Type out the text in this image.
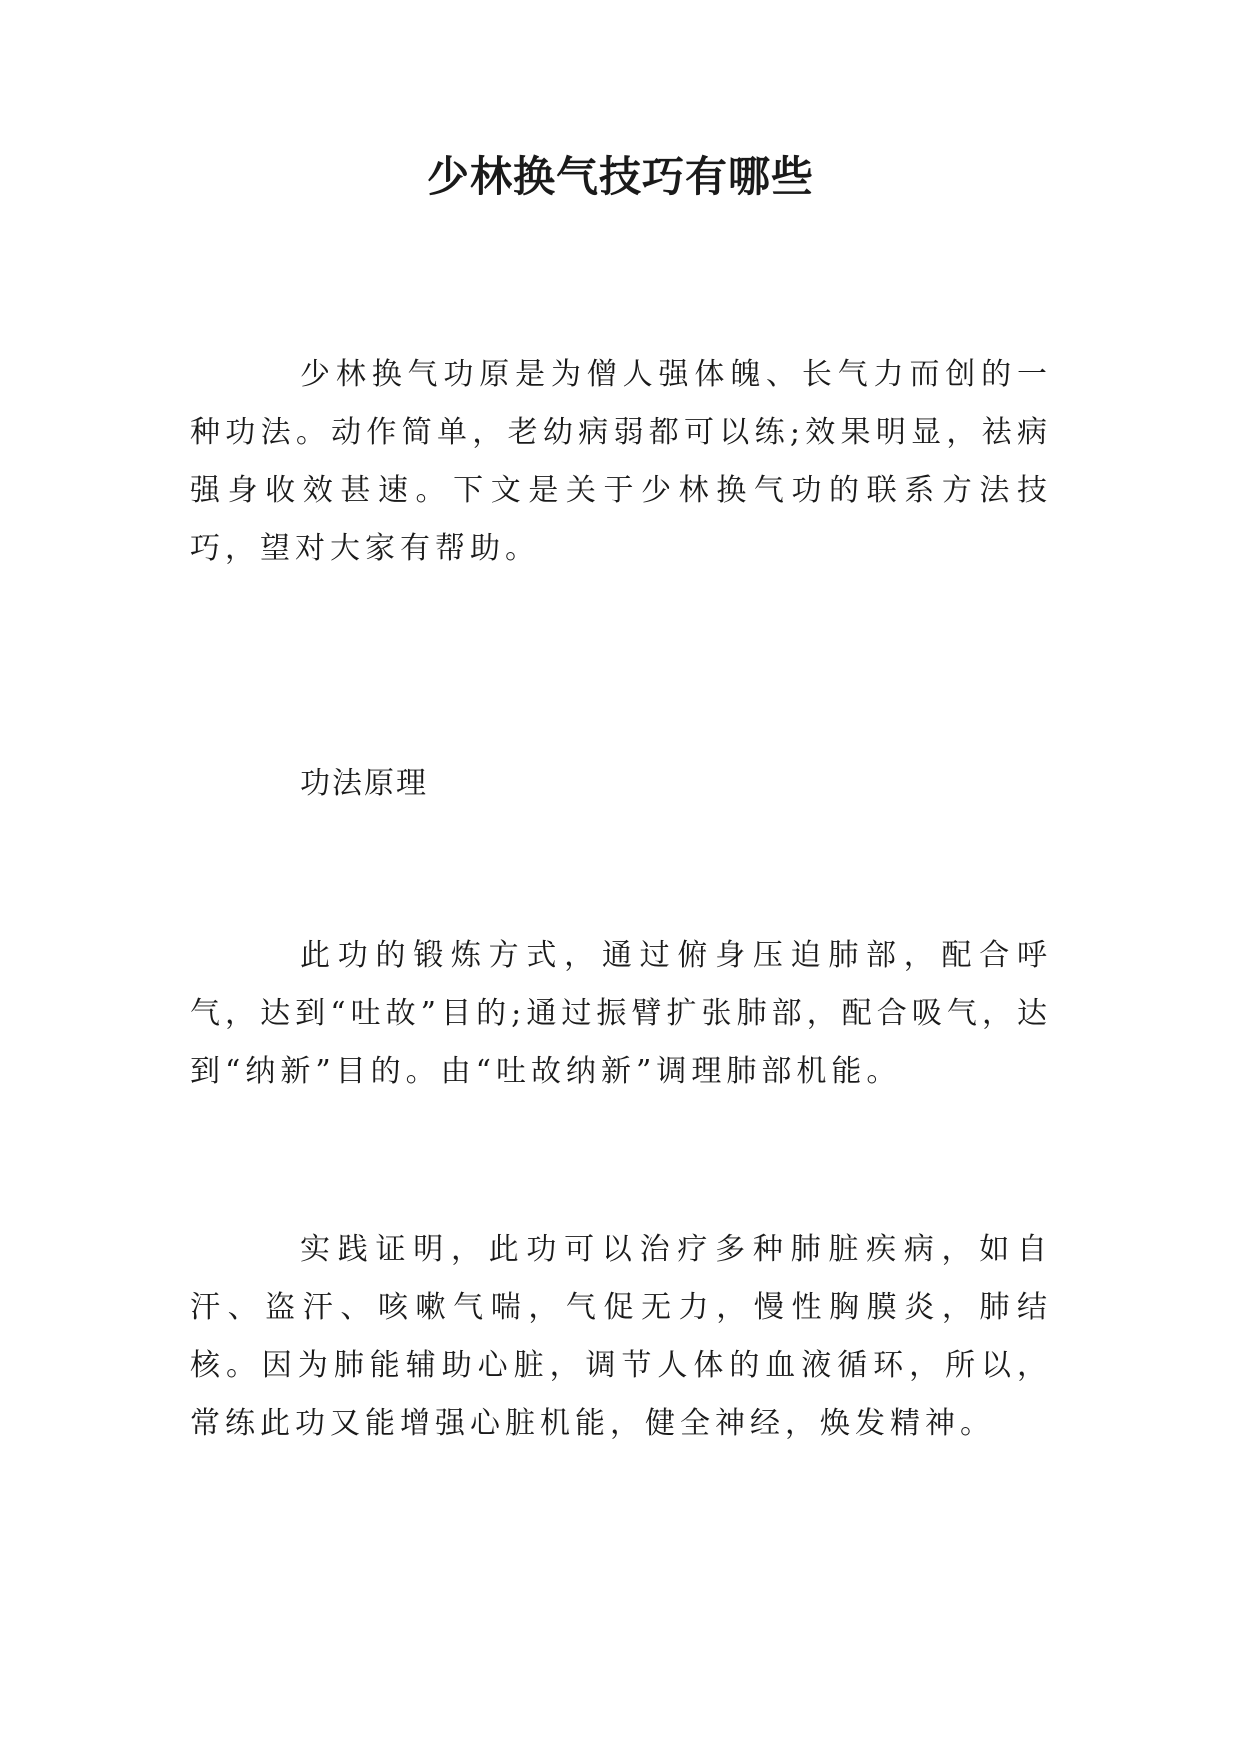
少林换气技巧有哪些

少林换气功原是为僧人强体魄、长气力而创的一种功法。动作简单，老幼病弱都可以练;效果明显，祛病强身收效甚速。下文是关于少林换气功的联系方法技巧，望对大家有帮助。

功法原理

此功的锻炼方式，通过俯身压迫肺部，配合呼气，达到“吐故”目的;通过振臂扩张肺部，配合吸气，达到“纳新”目的。由“吐故纳新”调理肺部机能。

实践证明，此功可以治疗多种肺脏疾病，如自汗、盗汗、咳嗽气喘，气促无力，慢性胸膜炎，肺结核。因为肺能辅助心脏，调节人体的血液循环，所以，常练此功又能增强心脏机能，健全神经，焕发精神。
